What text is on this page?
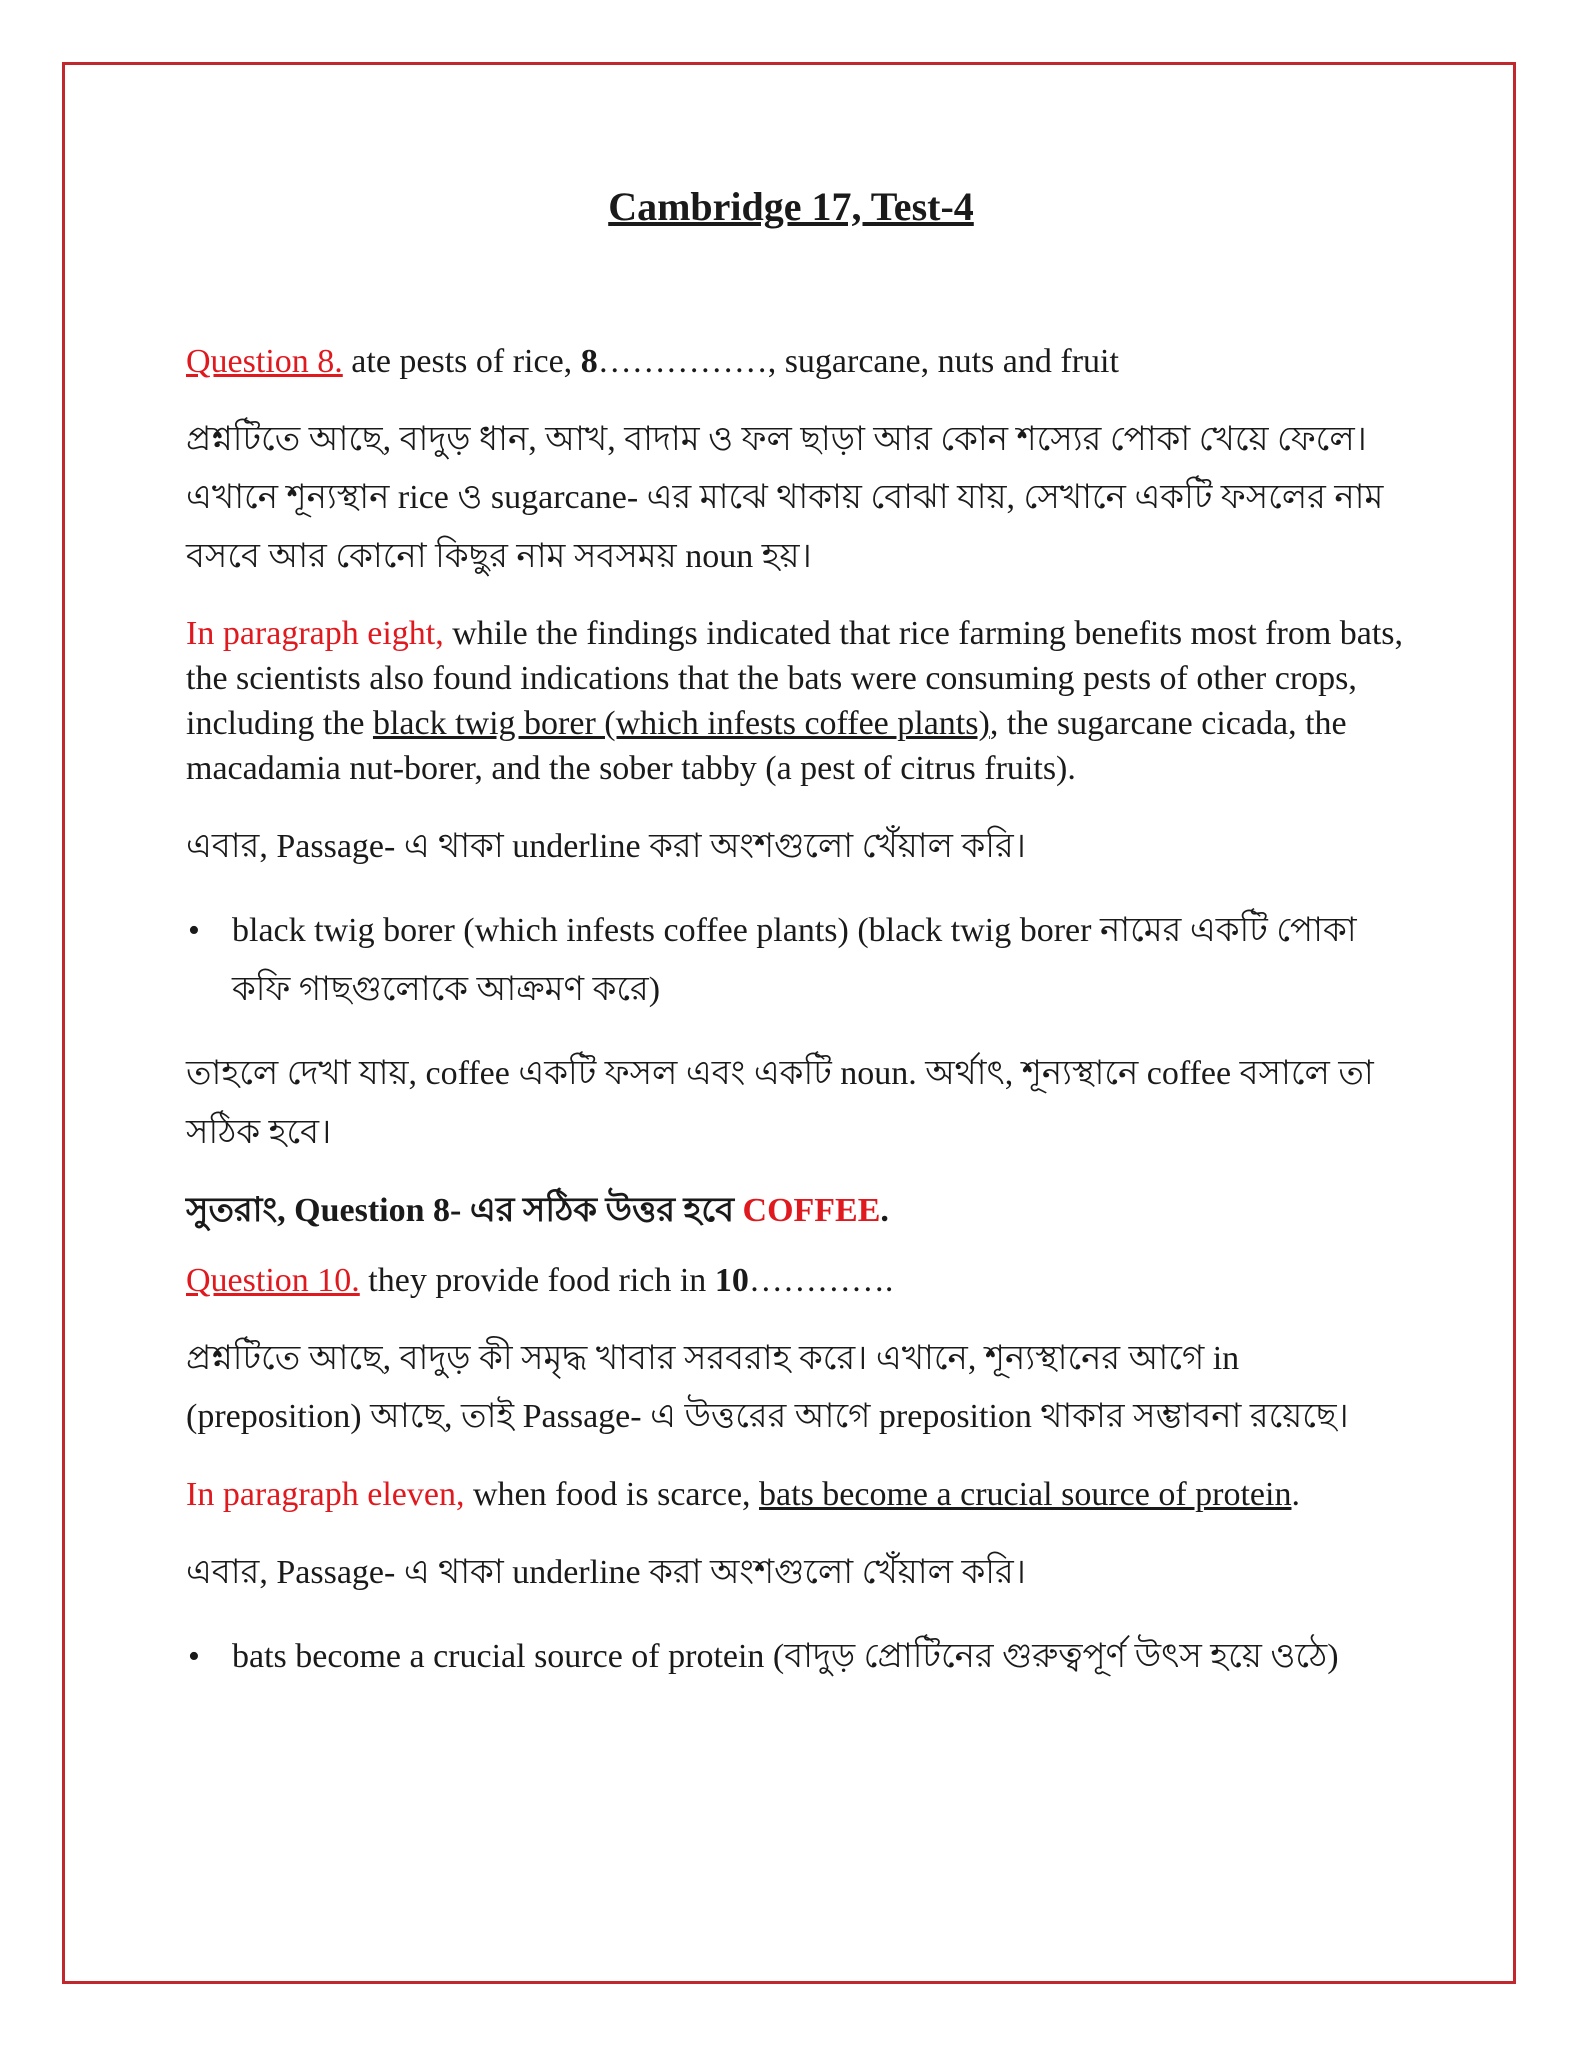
Cambridge 17, Test-4

Question 8. ate pests of rice, 8……………, sugarcane, nuts and fruit

প্রশ্নটিতে আছে, বাদুড় ধান, আখ, বাদাম ও ফল ছাড়া আর কোন শস্যের পোকা খেয়ে ফেলে। এখানে শূন্যস্থান rice ও sugarcane- এর মাঝে থাকায় বোঝা যায়, সেখানে একটি ফসলের নাম বসবে আর কোনো কিছুর নাম সবসময় noun হয়।

In paragraph eight, while the findings indicated that rice farming benefits most from bats, the scientists also found indications that the bats were consuming pests of other crops, including the black twig borer (which infests coffee plants), the sugarcane cicada, the macadamia nut-borer, and the sober tabby (a pest of citrus fruits).

এবার, Passage- এ থাকা underline করা অংশগুলো খেঁয়াল করি।

• black twig borer (which infests coffee plants) (black twig borer নামের একটি পোকা কফি গাছগুলোকে আক্রমণ করে)

তাহলে দেখা যায়, coffee একটি ফসল এবং একটি noun. অর্থাৎ, শূন্যস্থানে coffee বসালে তা সঠিক হবে।

সুতরাং, Question 8- এর সঠিক উত্তর হবে COFFEE.

Question 10. they provide food rich in 10………….

প্রশ্নটিতে আছে, বাদুড় কী সমৃদ্ধ খাবার সরবরাহ করে। এখানে, শূন্যস্থানের আগে in (preposition) আছে, তাই Passage- এ উত্তরের আগে preposition থাকার সম্ভাবনা রয়েছে।

In paragraph eleven, when food is scarce, bats become a crucial source of protein.

এবার, Passage- এ থাকা underline করা অংশগুলো খেঁয়াল করি।

• bats become a crucial source of protein (বাদুড় প্রোটিনের গুরুত্বপূর্ণ উৎস হয়ে ওঠে)
